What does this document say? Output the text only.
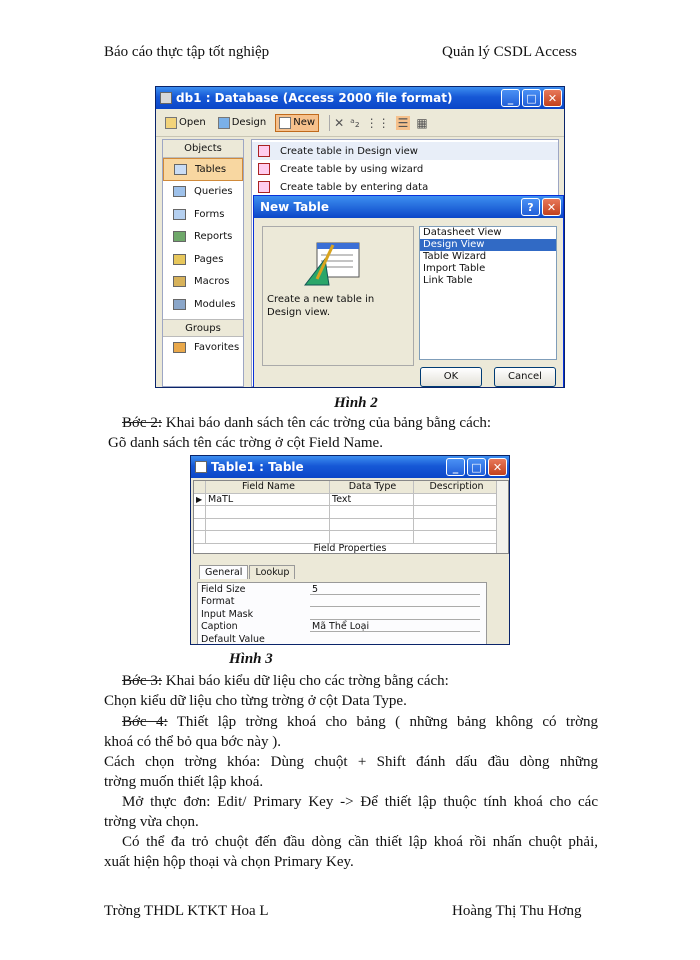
Báo cáo thực tập tốt nghiệp	Quản lý CSDL Access
db1 : Database (Access 2000 file format)	_	□	✕
Open	Design	New ✕ ᵃ₂ ⋮⋮ ☰ ▦
Objects
Tables
Queries
Forms
Reports
Pages
Macros
Modules
Groups
Favorites
Create table in Design view
Create table by using wizard
Create table by entering data
New Table	?	✕
Create a new table in Design view.
Datasheet View
Design View
Table Wizard
Import Table
Link Table
OK	Cancel
Hình 2
Bớc 2: Khai báo danh sách tên các trờng của bảng bằng cách:
Gõ danh sách tên các trờng ở cột Field Name.
Table1 : Table	_	□	✕
Field Name	Data Type	Description
▶ MaTL	Text
Field Properties
General	Lookup
Field Size	5
Format
Input Mask
Caption	Mã Thể Loại
Default Value
Hình 3
Bớc 3: Khai báo kiểu dữ liệu cho các trờng bằng cách:
Chọn kiểu dữ liệu cho từng trờng ở cột Data Type.
Bớc 4: Thiết lập trờng khoá cho bảng ( những bảng không có trờng
khoá có thể bỏ qua bớc này ).
Cách chọn trờng khóa: Dùng chuột + Shift đánh dấu đầu dòng những
trờng muốn thiết lập khoá.
Mở thực đơn: Edit/ Primary Key -> Để thiết lập thuộc tính khoá cho các
trờng vừa chọn.
Có thể đa trỏ chuột đến đầu dòng cần thiết lập khoá rồi nhấn chuột phải,
xuất hiện hộp thoại và chọn Primary Key.
Trờng THDL KTKT Hoa L	Hoàng Thị Thu Hơng
